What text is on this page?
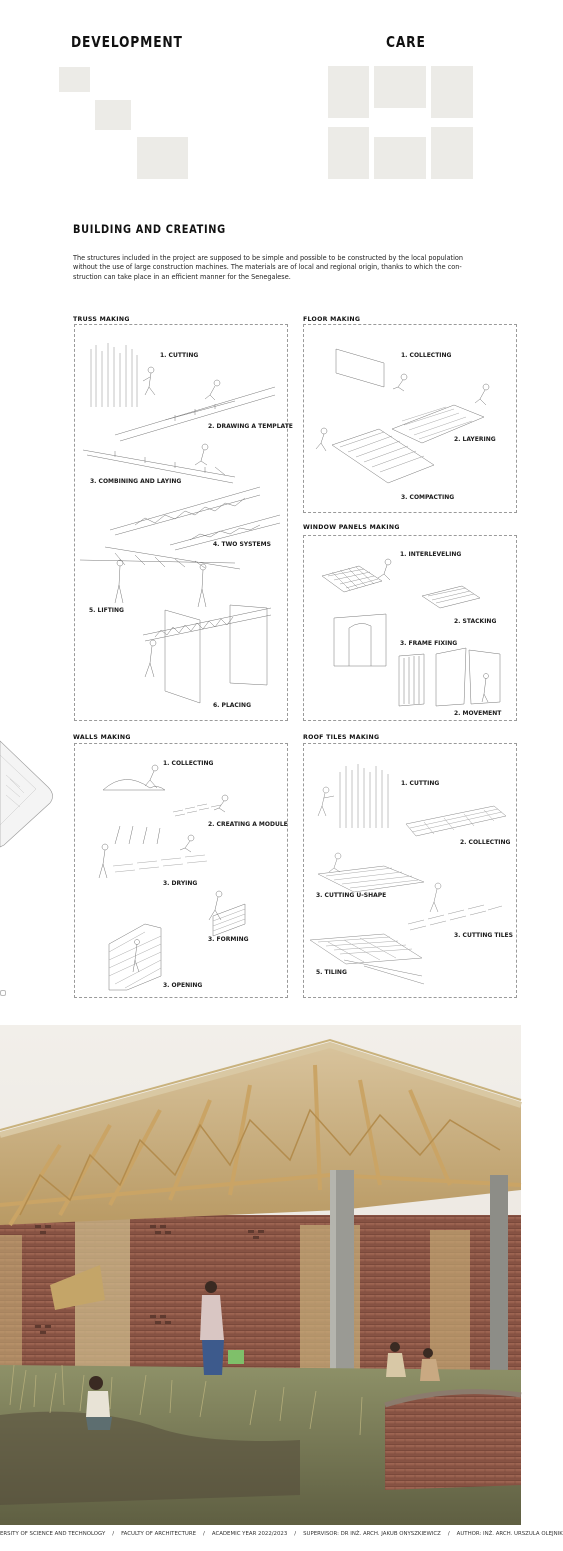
DEVELOPMENT	CARE
BUILDING AND CREATING
The structures included in the project are supposed to be simple and possible to be constructed by the local population
without the use of large construction machines. The materials are of local and regional origin, thanks to which the con-
struction can take place in an efficient manner for the Senegalese.
TRUSS MAKING
1. CUTTING
2. DRAWING A TEMPLATE
3. COMBINING AND LAYING
4. TWO SYSTEMS
5. LIFTING
6. PLACING
FLOOR MAKING
1. COLLECTING
2. LAYERING
3. COMPACTING
WINDOW PANELS MAKING
1. INTERLEVELING
2. STACKING
3. FRAME FIXING
2. MOVEMENT
WALLS MAKING
1. COLLECTING
2. CREATING A MODULE
3. DRYING
3. FORMING
3. OPENING
ROOF TILES MAKING
1. CUTTING
2. COLLECTING
3. CUTTING U-SHAPE
3. CUTTING TILES
5. TILING
ERSITY OF SCIENCE AND TECHNOLOGY / FACULTY OF ARCHITECTURE / ACADEMIC YEAR 2022/2023 / SUPERVISOR: DR INŻ. ARCH. JAKUB ONYSZKIEWICZ / AUTHOR: INŻ. ARCH. URSZULA OLEJNIK
